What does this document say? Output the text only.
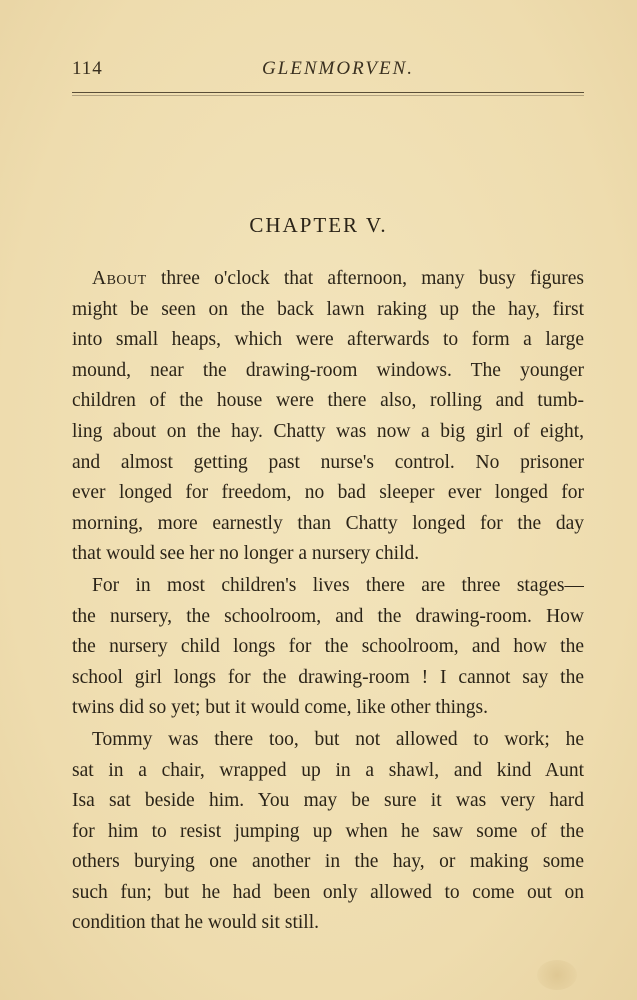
114	GLENMORVEN.
CHAPTER V.
About three o'clock that afternoon, many busy figures
might be seen on the back lawn raking up the hay, first
into small heaps, which were afterwards to form a large
mound, near the drawing-room windows. The younger
children of the house were there also, rolling and tumb-
ling about on the hay. Chatty was now a big girl of eight,
and almost getting past nurse's control. No prisoner
ever longed for freedom, no bad sleeper ever longed for
morning, more earnestly than Chatty longed for the day
that would see her no longer a nursery child.
For in most children's lives there are three stages—
the nursery, the schoolroom, and the drawing-room. How
the nursery child longs for the schoolroom, and how the
school girl longs for the drawing-room ! I cannot say the
twins did so yet; but it would come, like other things.
Tommy was there too, but not allowed to work; he
sat in a chair, wrapped up in a shawl, and kind Aunt
Isa sat beside him. You may be sure it was very hard
for him to resist jumping up when he saw some of the
others burying one another in the hay, or making some
such fun; but he had been only allowed to come out on
condition that he would sit still.
